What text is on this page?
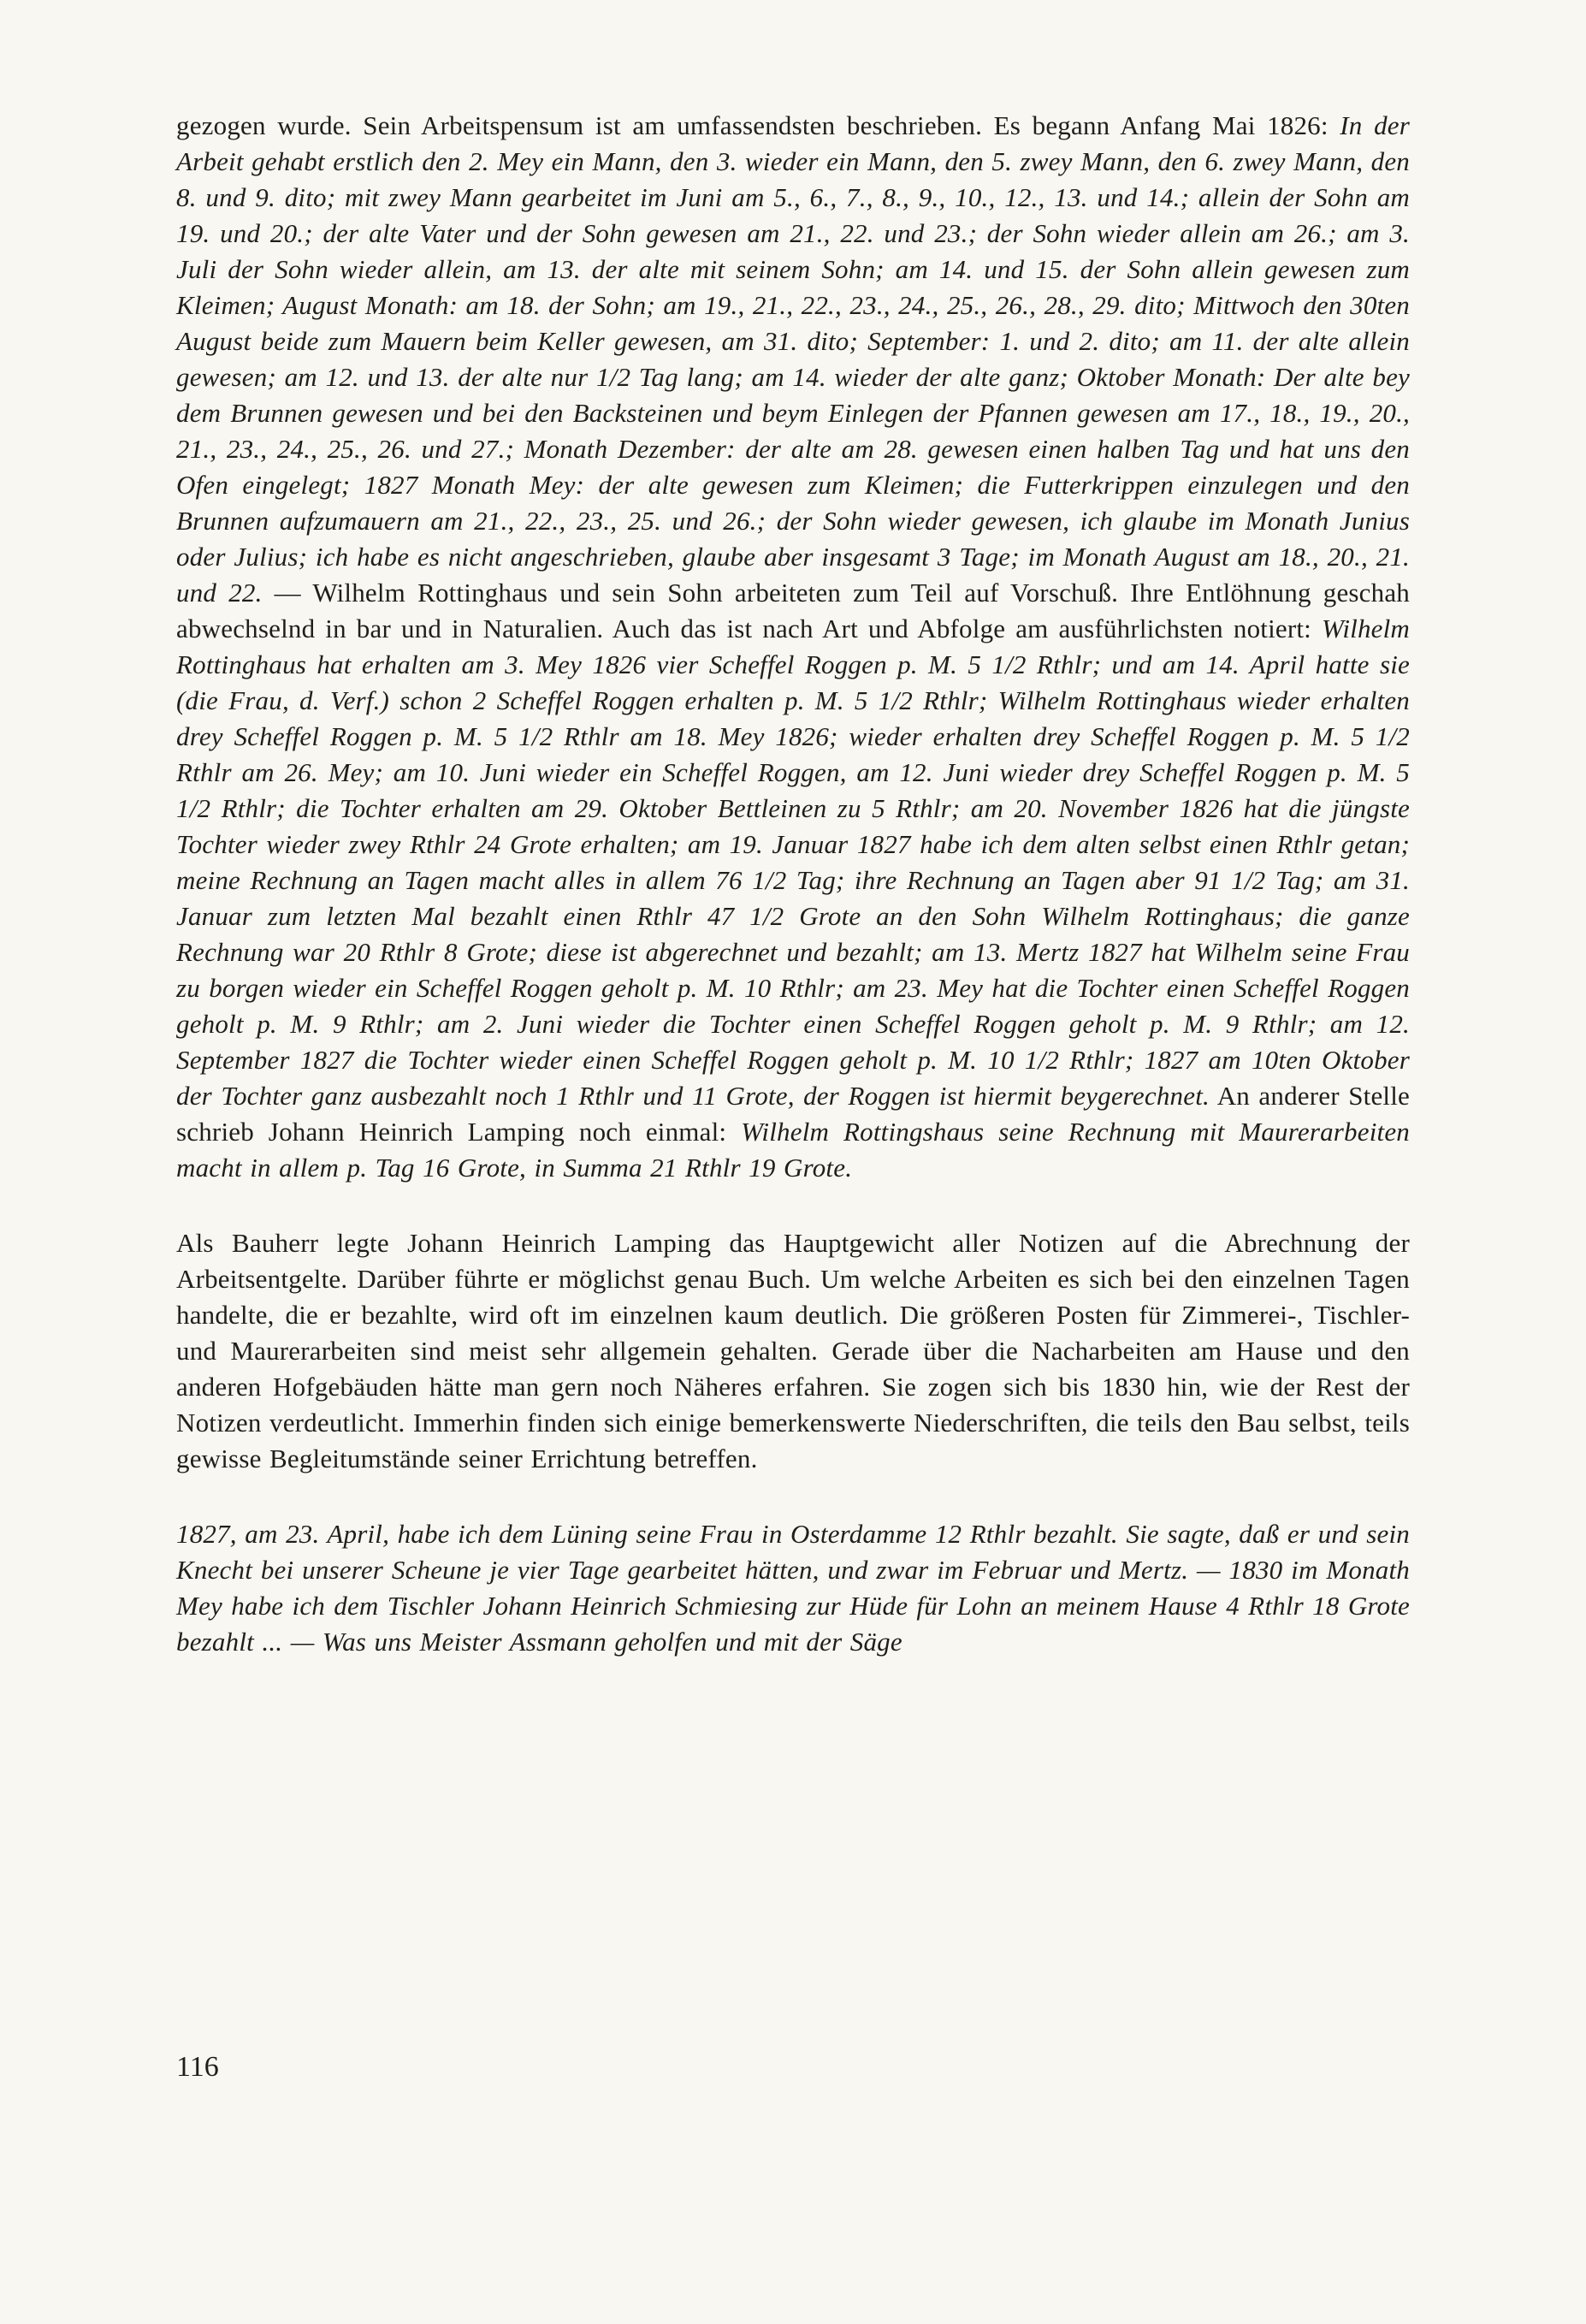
gezogen wurde. Sein Arbeitspensum ist am umfassendsten beschrieben. Es begann Anfang Mai 1826: In der Arbeit gehabt erstlich den 2. Mey ein Mann, den 3. wieder ein Mann, den 5. zwey Mann, den 6. zwey Mann, den 8. und 9. dito; mit zwey Mann gearbeitet im Juni am 5., 6., 7., 8., 9., 10., 12., 13. und 14.; allein der Sohn am 19. und 20.; der alte Vater und der Sohn gewesen am 21., 22. und 23.; der Sohn wieder allein am 26.; am 3. Juli der Sohn wieder allein, am 13. der alte mit seinem Sohn; am 14. und 15. der Sohn allein gewesen zum Kleimen; August Monath: am 18. der Sohn; am 19., 21., 22., 23., 24., 25., 26., 28., 29. dito; Mittwoch den 30ten August beide zum Mauern beim Keller gewesen, am 31. dito; September: 1. und 2. dito; am 11. der alte allein gewesen; am 12. und 13. der alte nur 1/2 Tag lang; am 14. wieder der alte ganz; Oktober Monath: Der alte bey dem Brunnen gewesen und bei den Backsteinen und beym Einlegen der Pfannen gewesen am 17., 18., 19., 20., 21., 23., 24., 25., 26. und 27.; Monath Dezember: der alte am 28. gewesen einen halben Tag und hat uns den Ofen eingelegt; 1827 Monath Mey: der alte gewesen zum Kleimen; die Futterkrippen einzulegen und den Brunnen aufzumauern am 21., 22., 23., 25. und 26.; der Sohn wieder gewesen, ich glaube im Monath Junius oder Julius; ich habe es nicht angeschrieben, glaube aber insgesamt 3 Tage; im Monath August am 18., 20., 21. und 22. — Wilhelm Rottinghaus und sein Sohn arbeiteten zum Teil auf Vorschuß. Ihre Entlöhnung geschah abwechselnd in bar und in Naturalien. Auch das ist nach Art und Abfolge am ausführlichsten notiert: Wilhelm Rottinghaus hat erhalten am 3. Mey 1826 vier Scheffel Roggen p. M. 5 1/2 Rthlr; und am 14. April hatte sie (die Frau, d. Verf.) schon 2 Scheffel Roggen erhalten p. M. 5 1/2 Rthlr; Wilhelm Rottinghaus wieder erhalten drey Scheffel Roggen p. M. 5 1/2 Rthlr am 18. Mey 1826; wieder erhalten drey Scheffel Roggen p. M. 5 1/2 Rthlr am 26. Mey; am 10. Juni wieder ein Scheffel Roggen, am 12. Juni wieder drey Scheffel Roggen p. M. 5 1/2 Rthlr; die Tochter erhalten am 29. Oktober Bettleinen zu 5 Rthlr; am 20. November 1826 hat die jüngste Tochter wieder zwey Rthlr 24 Grote erhalten; am 19. Januar 1827 habe ich dem alten selbst einen Rthlr getan; meine Rechnung an Tagen macht alles in allem 76 1/2 Tag; ihre Rechnung an Tagen aber 91 1/2 Tag; am 31. Januar zum letzten Mal bezahlt einen Rthlr 47 1/2 Grote an den Sohn Wilhelm Rottinghaus; die ganze Rechnung war 20 Rthlr 8 Grote; diese ist abgerechnet und bezahlt; am 13. Mertz 1827 hat Wilhelm seine Frau zu borgen wieder ein Scheffel Roggen geholt p. M. 10 Rthlr; am 23. Mey hat die Tochter einen Scheffel Roggen geholt p. M. 9 Rthlr; am 2. Juni wieder die Tochter einen Scheffel Roggen geholt p. M. 9 Rthlr; am 12. September 1827 die Tochter wieder einen Scheffel Roggen geholt p. M. 10 1/2 Rthlr; 1827 am 10ten Oktober der Tochter ganz ausbezahlt noch 1 Rthlr und 11 Grote, der Roggen ist hiermit beygerechnet. An anderer Stelle schrieb Johann Heinrich Lamping noch einmal: Wilhelm Rottingshaus seine Rechnung mit Maurerarbeiten macht in allem p. Tag 16 Grote, in Summa 21 Rthlr 19 Grote.

Als Bauherr legte Johann Heinrich Lamping das Hauptgewicht aller Notizen auf die Abrechnung der Arbeitsentgelte. Darüber führte er möglichst genau Buch. Um welche Arbeiten es sich bei den einzelnen Tagen handelte, die er bezahlte, wird oft im einzelnen kaum deutlich. Die größeren Posten für Zimmerei-, Tischler- und Maurerarbeiten sind meist sehr allgemein gehalten. Gerade über die Nacharbeiten am Hause und den anderen Hofgebäuden hätte man gern noch Näheres erfahren. Sie zogen sich bis 1830 hin, wie der Rest der Notizen verdeutlicht. Immerhin finden sich einige bemerkenswerte Niederschriften, die teils den Bau selbst, teils gewisse Begleitumstände seiner Errichtung betreffen.

1827, am 23. April, habe ich dem Lüning seine Frau in Osterdamme 12 Rthlr bezahlt. Sie sagte, daß er und sein Knecht bei unserer Scheune je vier Tage gearbeitet hätten, und zwar im Februar und Mertz. — 1830 im Monath Mey habe ich dem Tischler Johann Heinrich Schmiesing zur Hüde für Lohn an meinem Hause 4 Rthlr 18 Grote bezahlt ... — Was uns Meister Assmann geholfen und mit der Säge

116
